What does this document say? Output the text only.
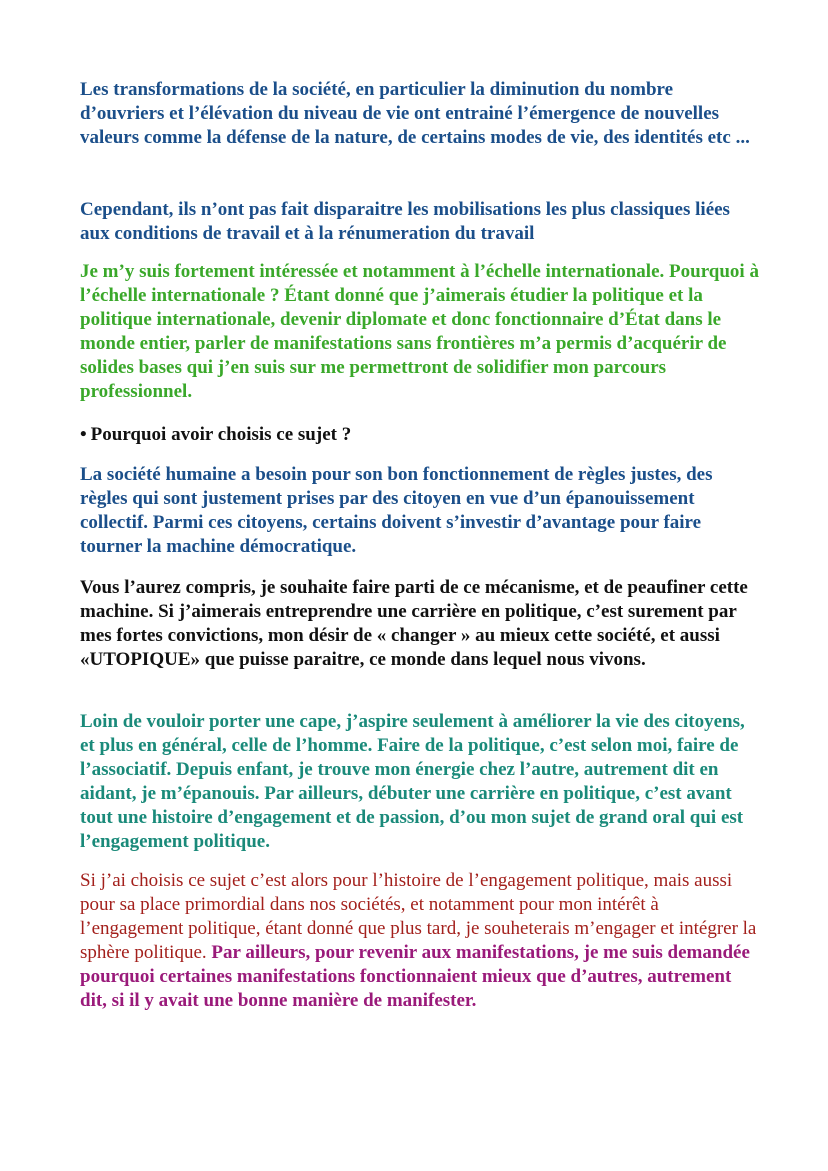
Les transformations de la société, en particulier la diminution du nombre d’ouvriers et l’élévation du niveau de vie ont entrainé l’émergence de nouvelles valeurs comme la défense de la nature, de certains modes de vie, des identités etc ...

Cependant, ils n’ont pas fait disparaitre les mobilisations les plus classiques liées aux conditions de travail et à la rénumeration du travail

Je m’y suis fortement intéressée et notamment à l’échelle internationale. Pourquoi à l’échelle internationale ? Étant donné que j’aimerais étudier la politique et la politique internationale, devenir diplomate et donc fonctionnaire d’État dans le monde entier, parler de manifestations sans frontières m’a permis d’acquérir de solides bases qui j’en suis sur me permettront de solidifier mon parcours professionnel.

• Pourquoi avoir choisis ce sujet ?

La société humaine a besoin pour son bon fonctionnement de règles justes, des règles qui sont justement prises par des citoyen en vue d’un épanouissement collectif. Parmi ces citoyens, certains doivent s’investir d’avantage pour faire tourner la machine démocratique.

Vous l’aurez compris, je souhaite faire parti de ce mécanisme, et de peaufiner cette machine. Si j’aimerais entreprendre une carrière en politique, c’est surement par mes fortes convictions, mon désir de « changer » au mieux cette société, et aussi «UTOPIQUE» que puisse paraitre, ce monde dans lequel nous vivons.

Loin de vouloir porter une cape, j’aspire seulement à améliorer la vie des citoyens, et plus en général, celle de l’homme. Faire de la politique, c’est selon moi, faire de l’associatif. Depuis enfant, je trouve mon énergie chez l’autre, autrement dit en aidant, je m’épanouis. Par ailleurs, débuter une carrière en politique, c’est avant tout une histoire d’engagement et de passion, d’ou mon sujet de grand oral qui est l’engagement politique.

Si j’ai choisis ce sujet c’est alors pour l’histoire de l’engagement politique, mais aussi pour sa place primordial dans nos sociétés, et notamment pour mon intérêt à l’engagement politique, étant donné que plus tard, je souheterais m’engager et intégrer la sphère politique. Par ailleurs, pour revenir aux manifestations, je me suis demandée pourquoi certaines manifestations fonctionnaient mieux que d’autres, autrement dit, si il y avait une bonne manière de manifester.
